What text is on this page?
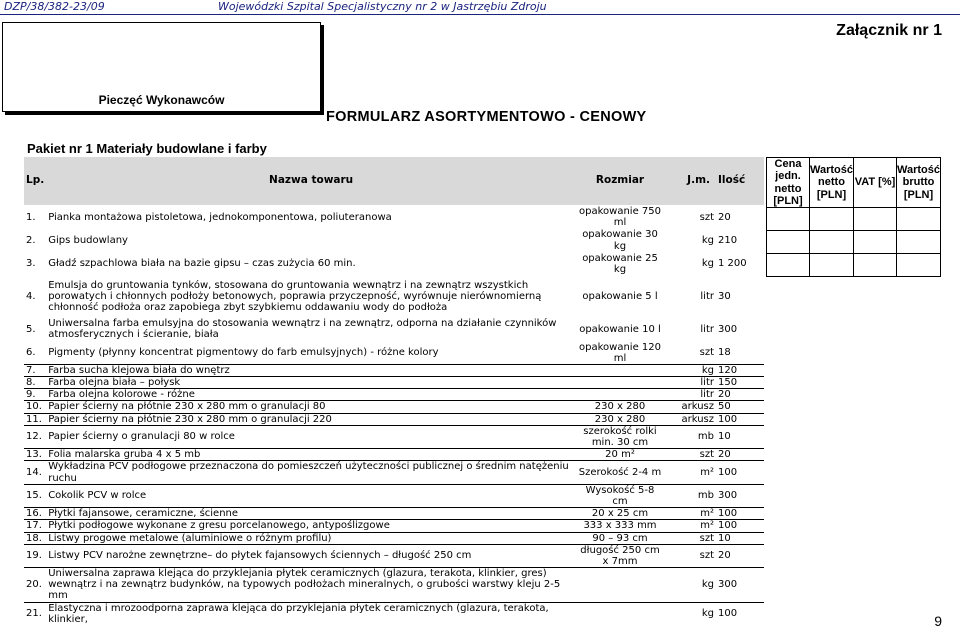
DZP/38/382-23/09	Wojewódzki Szpital Specjalistyczny nr 2 w Jastrzębiu Zdroju
Załącznik nr 1
Pieczęć Wykonawców
FORMULARZ ASORTYMENTOWO - CENOWY
Pakiet nr 1 Materiały budowlane i farby
Lp.	Nazwa towaru	Rozmiar	J.m.	Ilość
1.	Pianka montażowa pistoletowa, jednokomponentowa, poliuteranowa	opakowanie 750 ml	szt	20
2.	Gips budowlany	opakowanie 30 kg	kg	210
3.	Gładź szpachlowa biała na bazie gipsu – czas zużycia 60 min.	opakowanie 25 kg	kg	1 200
4.	Emulsja do gruntowania tynków, stosowana do gruntowania wewnątrz i na zewnątrz wszystkich porowatych i chłonnych podłoży betonowych, poprawia przyczepność, wyrównuje nierównomierną chłonność podłoża oraz zapobiega zbyt szybkiemu oddawaniu wody do podłoża	opakowanie 5 l	litr	30
5.	Uniwersalna farba emulsyjna do stosowania wewnątrz i na zewnątrz, odporna na działanie czynników atmosferycznych i ścieranie, biała	opakowanie 10 l	litr	300
6.	Pigmenty (płynny koncentrat pigmentowy do farb emulsyjnych) - różne kolory	opakowanie 120 ml	szt	18
7.	Farba sucha klejowa biała do wnętrz		kg	120
8.	Farba olejna biała – połysk		litr	150
9.	Farba olejna kolorowe - różne		litr	20
10.	Papier ścierny na płótnie 230 x 280 mm o granulacji 80	230 x 280	arkusz	50
11.	Papier ścierny na płótnie 230 x 280 mm o granulacji 220	230 x 280	arkusz	100
12.	Papier ścierny o granulacji 80 w rolce	szerokość rolki min. 30 cm	mb	10
13.	Folia malarska gruba 4 x 5 mb	20 m²	szt	20
14.	Wykładzina PCV podłogowe przeznaczona do pomieszczeń użyteczności publicznej o średnim natężeniu ruchu	Szerokość 2-4 m	m²	100
15.	Cokolik PCV w rolce	Wysokość 5-8 cm	mb	300
16.	Płytki fajansowe, ceramiczne, ścienne	20 x 25 cm	m²	100
17.	Płytki podłogowe wykonane z gresu porcelanowego, antypoślizgowe	333 x 333 mm	m²	100
18.	Listwy progowe metalowe (aluminiowe o różnym profilu)	90 – 93 cm	szt	10
19.	Listwy PCV narożne zewnętrzne– do płytek fajansowych ściennych – długość 250 cm	długość 250 cm x 7mm	szt	20
20.	Uniwersalna zaprawa klejąca do przyklejania płytek ceramicznych (glazura, terakota, klinkier, gres) wewnątrz i na zewnątrz budynków, na typowych podłożach mineralnych, o grubości warstwy kleju 2-5 mm		kg	300
21.	Elastyczna i mrozoodporna zaprawa klejąca do przyklejania płytek ceramicznych (glazura, terakota, klinkier,		kg	100
Cena jedn. netto [PLN]	Wartość netto [PLN]	VAT [%]	Wartość brutto [PLN]

9
